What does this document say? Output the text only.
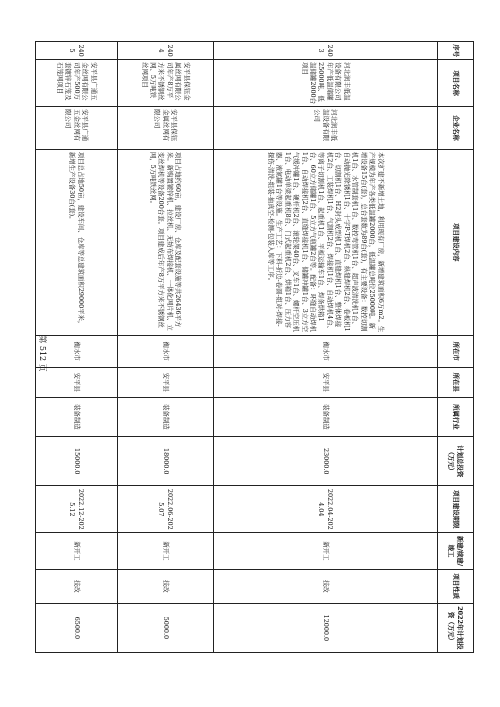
序号	项目名称	企业名称	项目建设内容	所在市	所在县	所属行业	计划总投资（万元）	项目建设期限	新建/续建/竣工	项目性质	2022年计划投资（万元）
2403	河北润丰低温设备有限公司年产低温储罐25000吨、低温储罐2000台项目	河北润丰低温设备有限公司	本次扩建不新增土地，利用现有厂房，新增建筑面积6万m2。生产规模为年产各类低温罐2000台，低温罐总吨位25000吨。新增设备15台(套)，总台套数为89台(套)，有主要设备：数控切割机1台、水管制套机1台、数控弯管机1台、超声波清洗机1台、自动抛光除锈机1台、十字P-T焊机2台、纵缝焊机2台、卷板机1台、切割机1台、H2封头成型机1台、直缝焊机1台、整体焊接机2台、工装焊机1台、气割机2台、焊接机1台、自动焊机4台、等离子切割机1台、起重机1台、平板运输车1台、焊条烘箱1台、60立方储罐1台、5立方气瓶罐2台等。配备：环缝自动焊机1台、自动焊接机2台、直缝焊接机1台、储罐冲罐1台、3立方空气缓冲罐1台、硬杆机2台、滚轮架40台、叉车1台、螺杆空压机1台、电动单梁起重机8台、门式起重机2台、烘箱1台、压力容器、液氮罐1台等设施。生产工艺：下料-折边-卷圆-组对-焊接-探伤-清洗-组装-抽真空-检测-包装入库等工序。	衡水市	安平县	装备制造	23000.0	2022.04-2024.04	新开工	技改	12000.0
2404	安平县保钰金属丝网有限公司年产8万平方米不锈钢丝网、5万吨铁丝网项目	安平县保钰金属丝网有限公司	项目占地约60亩，建设厂房、仓库及配套设施等共26436平方米。新购置镀锌机、拉丝机、无纺布焊接机、一体化网片机、立变丝焊机等设备200台套。项目建成后年产8万平方米不锈钢丝网，5万吨铁丝网。	衡水市	安平县	装备制造	18000.0	2022.06-2025.07	新开工	技改	5000.0
2405	安平县广通五金丝网有限公司年产500万套镀锌石笼及石笼网项目	安平县广通五金丝网有限公司	项目总占地50亩，建设车间、仓库等总建筑面积29000平米，新增生产设备30台(套)。	衡水市	安平县	装备制造	15000.0	2022.12-2025.12	新开工	技改	6500.0
第 512 页
